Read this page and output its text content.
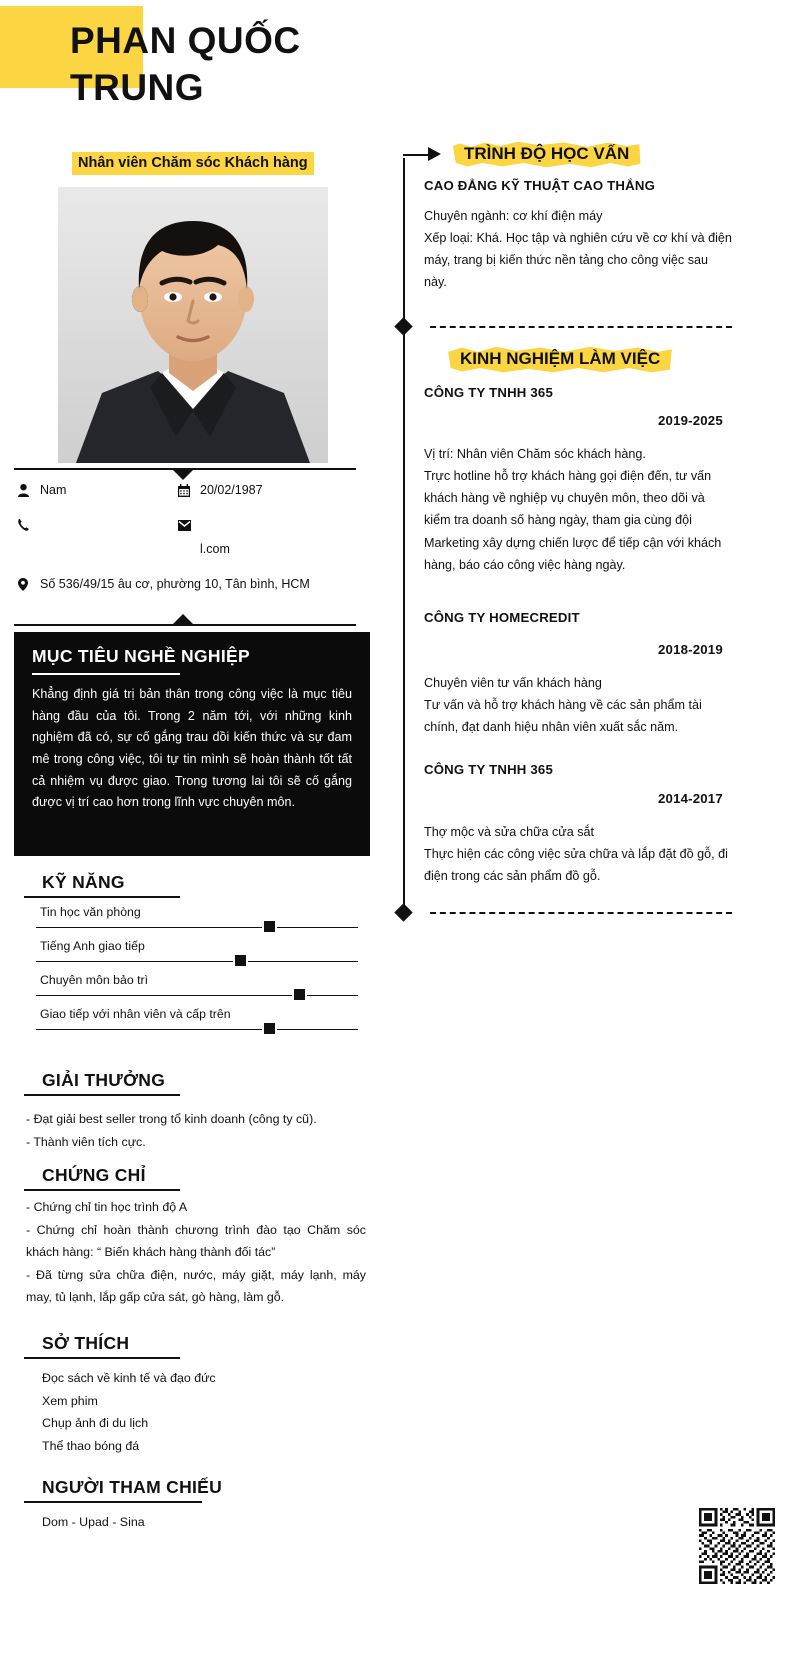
PHAN QUỐC
TRUNG
Nhân viên Chăm sóc Khách hàng
Nam	20/02/1987
l.com
Số 536/49/15 âu cơ, phường 10, Tân bình, HCM
MỤC TIÊU NGHỀ NGHIỆP
Khẳng định giá trị bản thân trong công việc là mục tiêu hàng đầu của tôi. Trong 2 năm tới, với những kinh nghiệm đã có, sự cố gắng trau dồi kiến thức và sự đam mê trong công việc, tôi tự tin mình sẽ hoàn thành tốt tất cả nhiệm vụ được giao. Trong tương lai tôi sẽ cố gắng được vị trí cao hơn trong lĩnh vực chuyên môn.
KỸ NĂNG
Tin học văn phòng
Tiếng Anh giao tiếp
Chuyên môn bảo trì
Giao tiếp với nhân viên và cấp trên
GIẢI THƯỞNG
- Đạt giải best seller trong tổ kinh doanh (công ty cũ).
- Thành viên tích cực.
CHỨNG CHỈ
- Chứng chỉ tin học trình độ A
- Chứng chỉ hoàn thành chương trình đào tạo Chăm sóc khách hàng: “ Biến khách hàng thành đối tác”
- Đã từng sửa chữa điện, nước, máy giặt, máy lạnh, máy may, tủ lạnh, lắp gấp cửa sát, gò hàng, làm gỗ.
SỞ THÍCH
Đọc sách về kinh tế và đạo đức
Xem phim
Chụp ảnh đi du lịch
Thể thao bóng đá
NGƯỜI THAM CHIẾU
Dom - Upad - Sina
TRÌNH ĐỘ HỌC VẤN
CAO ĐẲNG KỸ THUẬT CAO THẮNG
Chuyên ngành: cơ khí điện máy
Xếp loại: Khá. Học tập và nghiên cứu về cơ khí và điện máy, trang bị kiến thức nền tảng cho công việc sau này.
KINH NGHIỆM LÀM VIỆC
CÔNG TY TNHH 365
2019-2025
Vị trí: Nhân viên Chăm sóc khách hàng.
Trực hotline hỗ trợ khách hàng gọi điện đến, tư vấn khách hàng về nghiệp vụ chuyên môn, theo dõi và kiểm tra doanh số hàng ngày, tham gia cùng đội Marketing xây dựng chiến lược để tiếp cận với khách hàng, báo cáo công việc hàng ngày.
CÔNG TY HOMECREDIT
2018-2019
Chuyên viên tư vấn khách hàng
Tư vấn và hỗ trợ khách hàng về các sản phẩm tài chính, đạt danh hiệu nhân viên xuất sắc năm.
CÔNG TY TNHH 365
2014-2017
Thợ mộc và sửa chữa cửa sắt
Thực hiện các công việc sửa chữa và lắp đặt đồ gỗ, đi điện trong các sản phẩm đồ gỗ.
